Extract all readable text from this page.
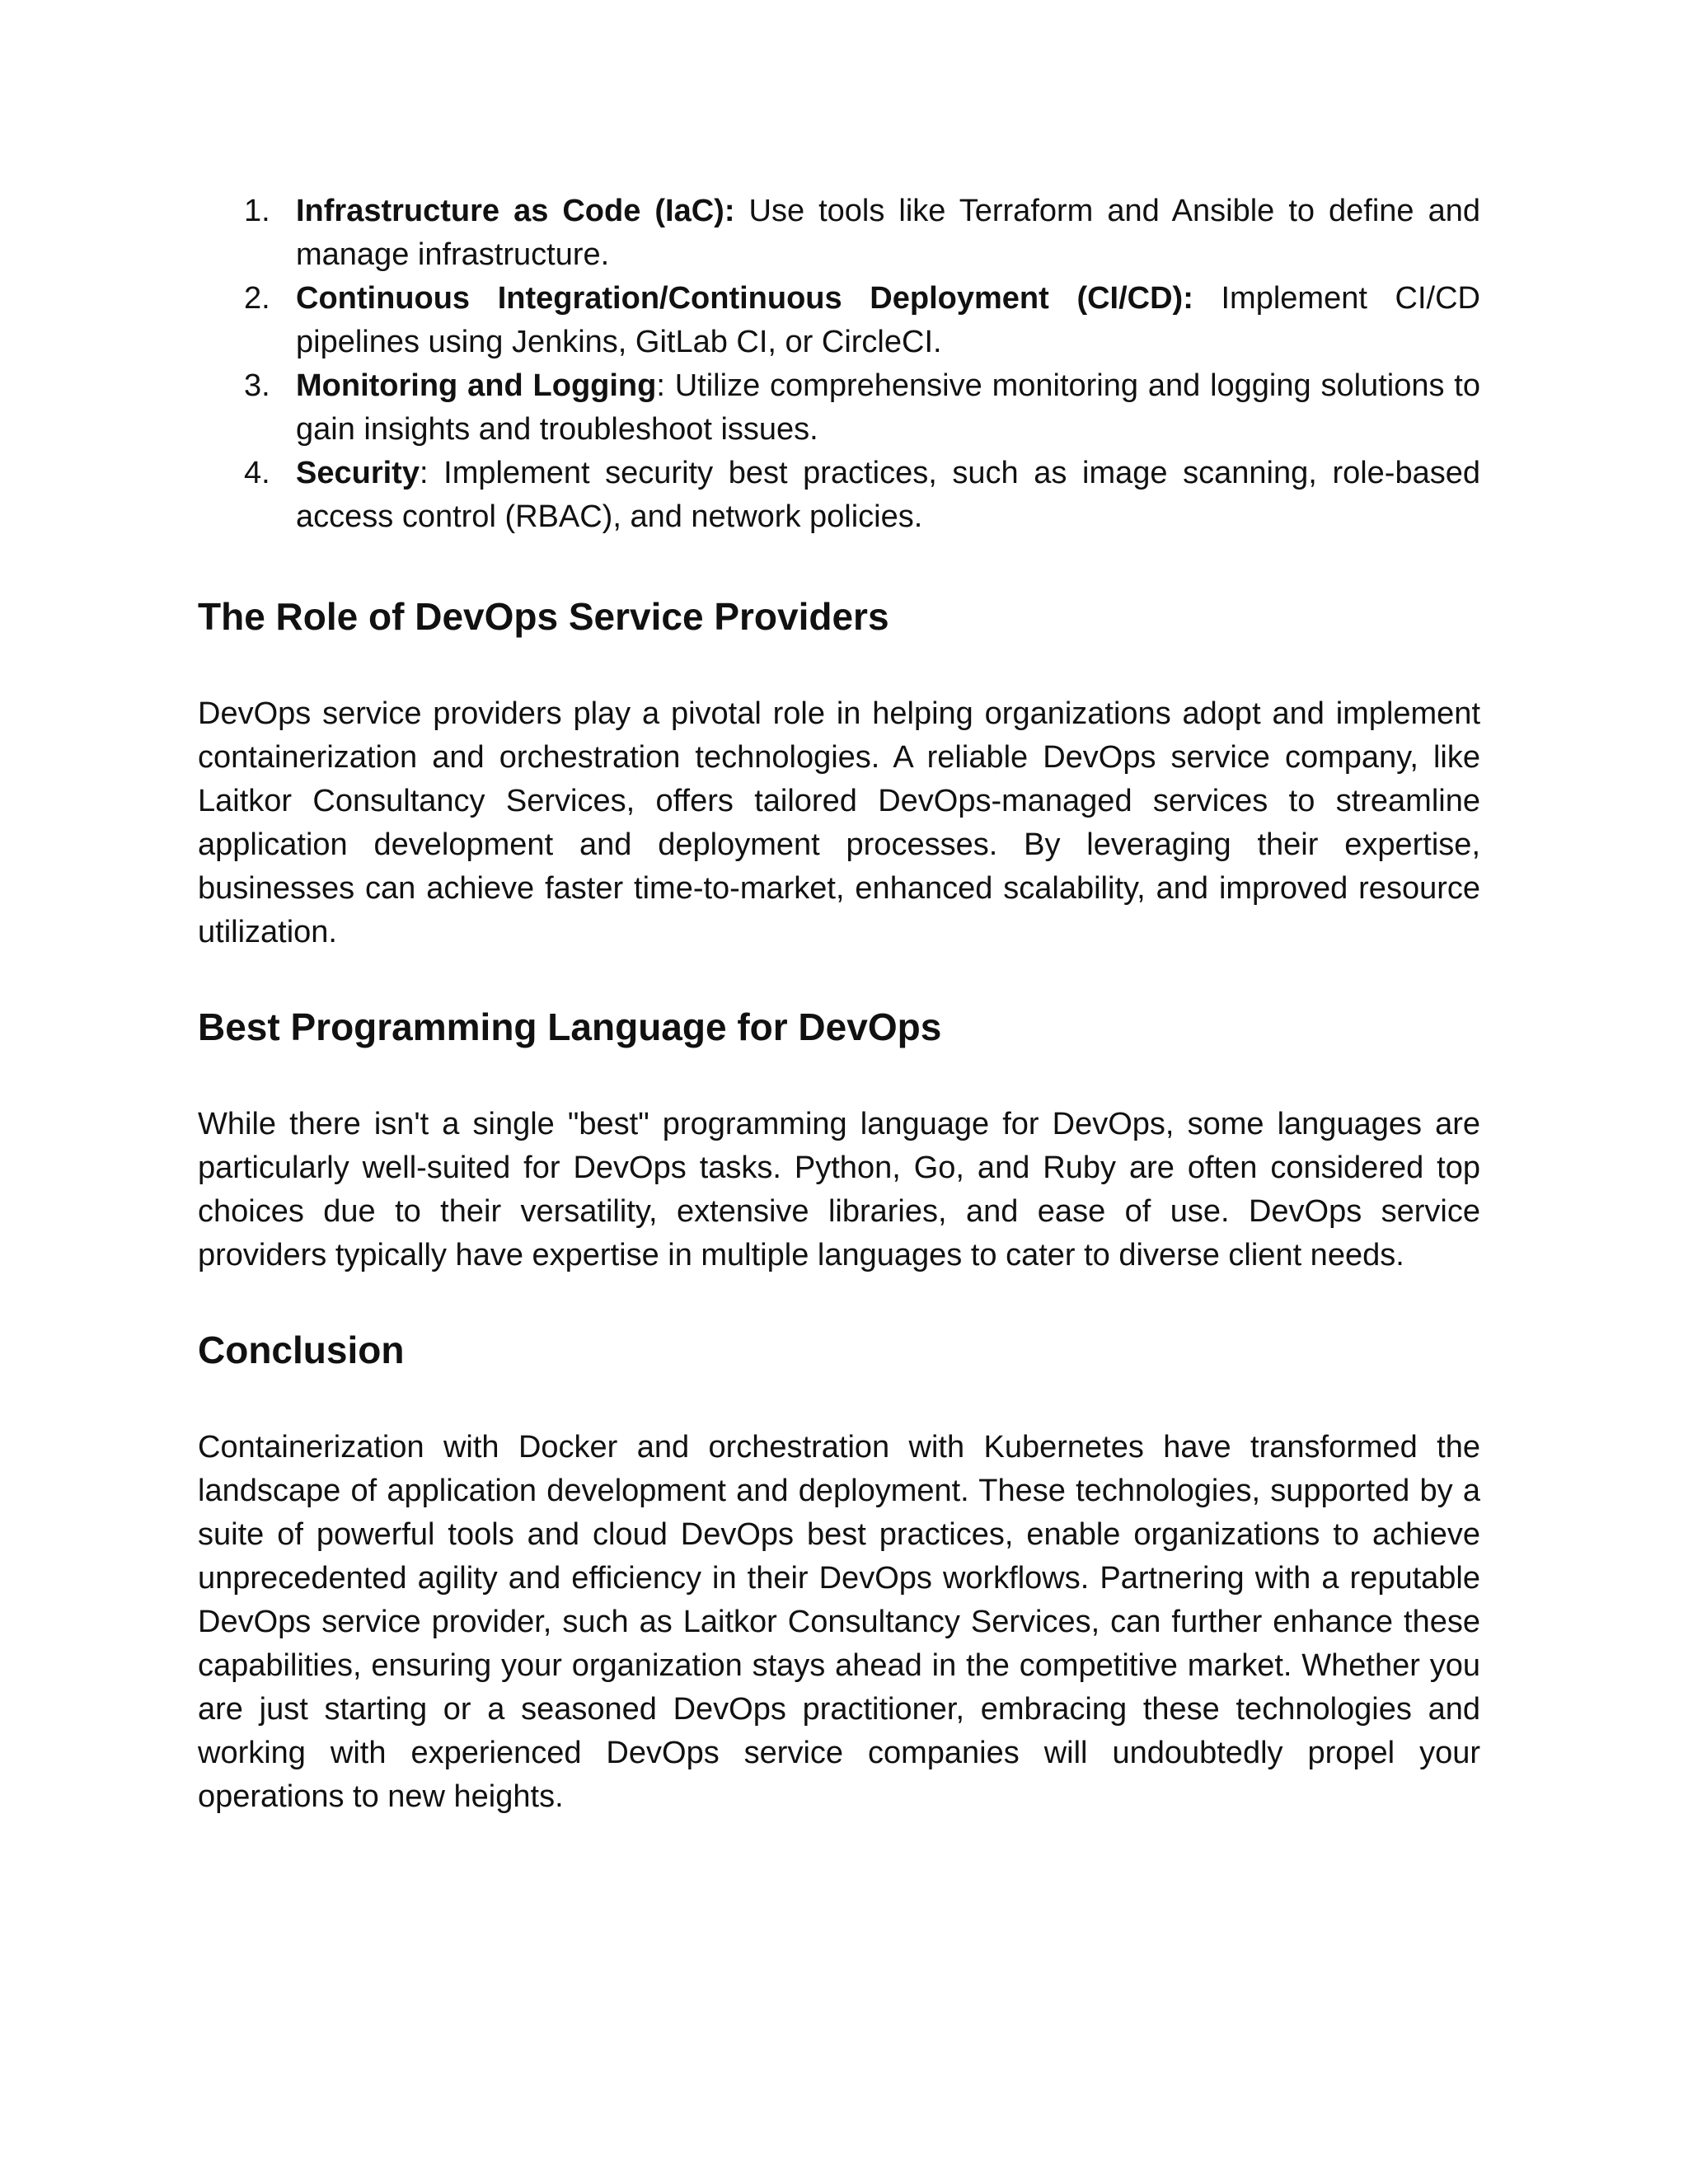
1. Infrastructure as Code (IaC): Use tools like Terraform and Ansible to define and manage infrastructure.
2. Continuous Integration/Continuous Deployment (CI/CD): Implement CI/CD pipelines using Jenkins, GitLab CI, or CircleCI.
3. Monitoring and Logging: Utilize comprehensive monitoring and logging solutions to gain insights and troubleshoot issues.
4. Security: Implement security best practices, such as image scanning, role-based access control (RBAC), and network policies.
The Role of DevOps Service Providers

DevOps service providers play a pivotal role in helping organizations adopt and implement containerization and orchestration technologies. A reliable DevOps service company, like Laitkor Consultancy Services, offers tailored DevOps-managed services to streamline application development and deployment processes. By leveraging their expertise, businesses can achieve faster time-to-market, enhanced scalability, and improved resource utilization.

Best Programming Language for DevOps

While there isn't a single "best" programming language for DevOps, some languages are particularly well-suited for DevOps tasks. Python, Go, and Ruby are often considered top choices due to their versatility, extensive libraries, and ease of use. DevOps service providers typically have expertise in multiple languages to cater to diverse client needs.

Conclusion

Containerization with Docker and orchestration with Kubernetes have transformed the landscape of application development and deployment. These technologies, supported by a suite of powerful tools and cloud DevOps best practices, enable organizations to achieve unprecedented agility and efficiency in their DevOps workflows. Partnering with a reputable DevOps service provider, such as Laitkor Consultancy Services, can further enhance these capabilities, ensuring your organization stays ahead in the competitive market. Whether you are just starting or a seasoned DevOps practitioner, embracing these technologies and working with experienced DevOps service companies will undoubtedly propel your operations to new heights.
